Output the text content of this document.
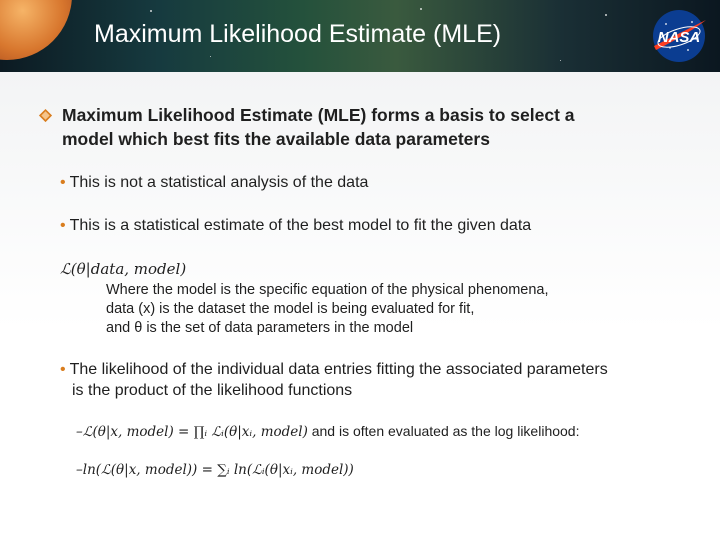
Maximum Likelihood Estimate (MLE)	NASA

Maximum Likelihood Estimate (MLE) forms a basis to select a

model which best fits the available data parameters

• This is not a statistical analysis of the data

• This is a statistical estimate of the best model to fit the given data

ℒ(θ|data, model)

Where the model is the specific equation of the physical phenomena,

data (x) is the dataset the model is being evaluated for fit,

and θ is the set of data parameters in the model

• The likelihood of the individual data entries fitting the associated parameters

is the product of the likelihood functions

–ℒ(θ|x, model) = ∏ᵢ ℒᵢ(θ|xᵢ, model) and is often evaluated as the log likelihood:

–ln(ℒ(θ|x, model)) = ∑ᵢ ln(ℒᵢ(θ|xᵢ, model))
